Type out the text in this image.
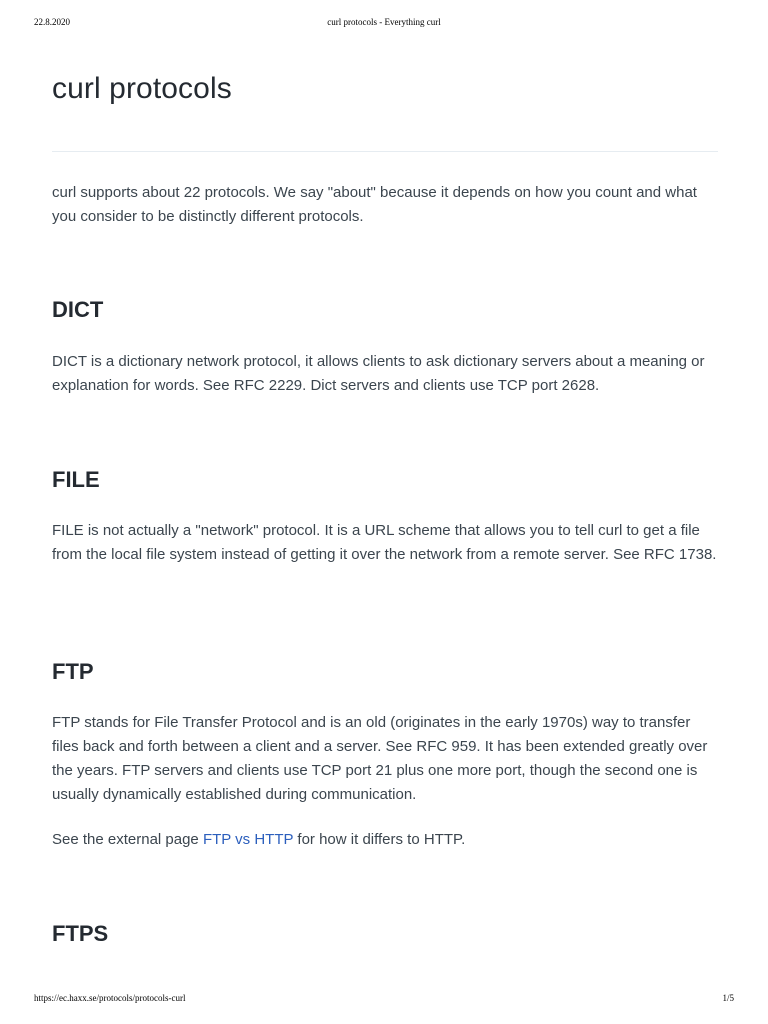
22.8.2020	curl protocols - Everything curl
curl protocols

curl supports about 22 protocols. We say "about" because it depends on how you count and what you consider to be distinctly different protocols.

DICT

DICT is a dictionary network protocol, it allows clients to ask dictionary servers about a meaning or explanation for words. See RFC 2229. Dict servers and clients use TCP port 2628.

FILE

FILE is not actually a "network" protocol. It is a URL scheme that allows you to tell curl to get a file from the local file system instead of getting it over the network from a remote server. See RFC 1738.

FTP

FTP stands for File Transfer Protocol and is an old (originates in the early 1970s) way to transfer files back and forth between a client and a server. See RFC 959. It has been extended greatly over the years. FTP servers and clients use TCP port 21 plus one more port, though the second one is usually dynamically established during communication.

See the external page FTP vs HTTP for how it differs to HTTP.

FTPS
https://ec.haxx.se/protocols/protocols-curl	1/5
